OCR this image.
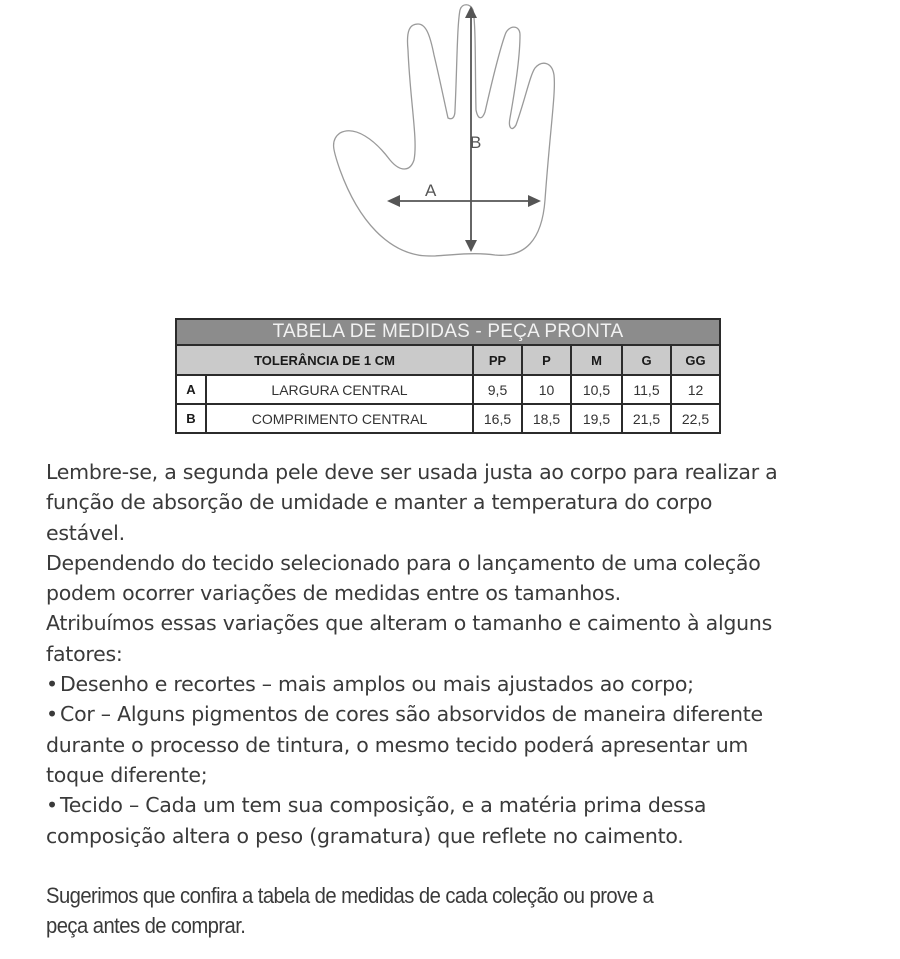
A
B
TABELA DE MEDIDAS - PEÇA PRONTA						
TOLERÂNCIA DE 1 CM		PP	P	M	G	GG
A	LARGURA CENTRAL	9,5	10	10,5	11,5	12
B	COMPRIMENTO CENTRAL	16,5	18,5	19,5	21,5	22,5

Lembre-se, a segunda pele deve ser usada justa ao corpo para realizar a

função de absorção de umidade e manter a temperatura do corpo

estável.

Dependendo do tecido selecionado para o lançamento de uma coleção

podem ocorrer variações de medidas entre os tamanhos.

Atribuímos essas variações que alteram o tamanho e caimento à alguns

fatores:

• Desenho e recortes – mais amplos ou mais ajustados ao corpo;

• Cor – Alguns pigmentos de cores são absorvidos de maneira diferente

durante o processo de tintura, o mesmo tecido poderá apresentar um

toque diferente;

• Tecido – Cada um tem sua composição, e a matéria prima dessa

composição altera o peso (gramatura) que reflete no caimento.

Sugerimos que confira a tabela de medidas de cada coleção ou prove a

peça antes de comprar.
